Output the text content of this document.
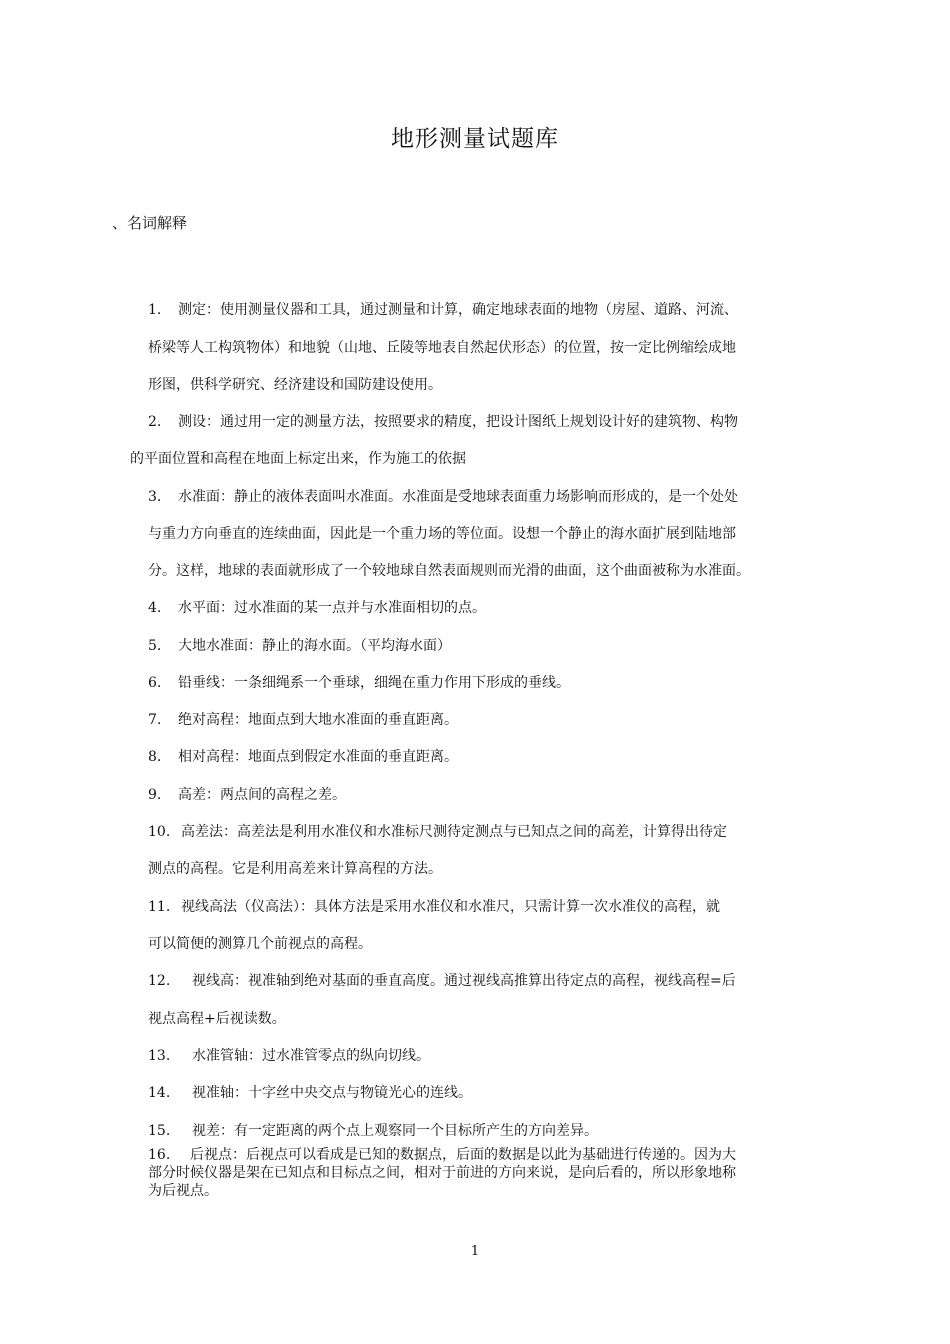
地形测量试题库
、名词解释
1. 测定：使用测量仪器和工具，通过测量和计算，确定地球表面的地物（房屋、道路、河流、
桥梁等人工构筑物体）和地貌（山地、丘陵等地表自然起伏形态）的位置，按一定比例缩绘成地
形图，供科学研究、经济建设和国防建设使用。
2. 测设：通过用一定的测量方法，按照要求的精度，把设计图纸上规划设计好的建筑物、构物
的平面位置和高程在地面上标定出来，作为施工的依据
3. 水准面：静止的液体表面叫水准面。水准面是受地球表面重力场影响而形成的，是一个处处
与重力方向垂直的连续曲面，因此是一个重力场的等位面。设想一个静止的海水面扩展到陆地部
分。这样，地球的表面就形成了一个较地球自然表面规则而光滑的曲面，这个曲面被称为水准面。
4. 水平面：过水准面的某一点并与水准面相切的点。
5. 大地水准面：静止的海水面。（平均海水面）
6. 铅垂线：一条细绳系一个垂球，细绳在重力作用下形成的垂线。
7. 绝对高程：地面点到大地水准面的垂直距离。
8. 相对高程：地面点到假定水准面的垂直距离。
9. 高差：两点间的高程之差。
10. 高差法：高差法是利用水准仪和水准标尺测待定测点与已知点之间的高差，计算得出待定
测点的高程。它是利用高差来计算高程的方法。
11. 视线高法（仪高法）：具体方法是采用水准仪和水准尺，只需计算一次水准仪的高程，就
可以简便的测算几个前视点的高程。
12. 视线高：视准轴到绝对基面的垂直高度。通过视线高推算出待定点的高程，视线高程=后
视点高程+后视读数。
13. 水准管轴：过水准管零点的纵向切线。
14. 视准轴：十字丝中央交点与物镜光心的连线。
15. 视差：有一定距离的两个点上观察同一个目标所产生的方向差异。
16. 后视点：后视点可以看成是已知的数据点，后面的数据是以此为基础进行传递的。因为大
部分时候仪器是架在已知点和目标点之间，相对于前进的方向来说，是向后看的，所以形象地称
为后视点。
1
